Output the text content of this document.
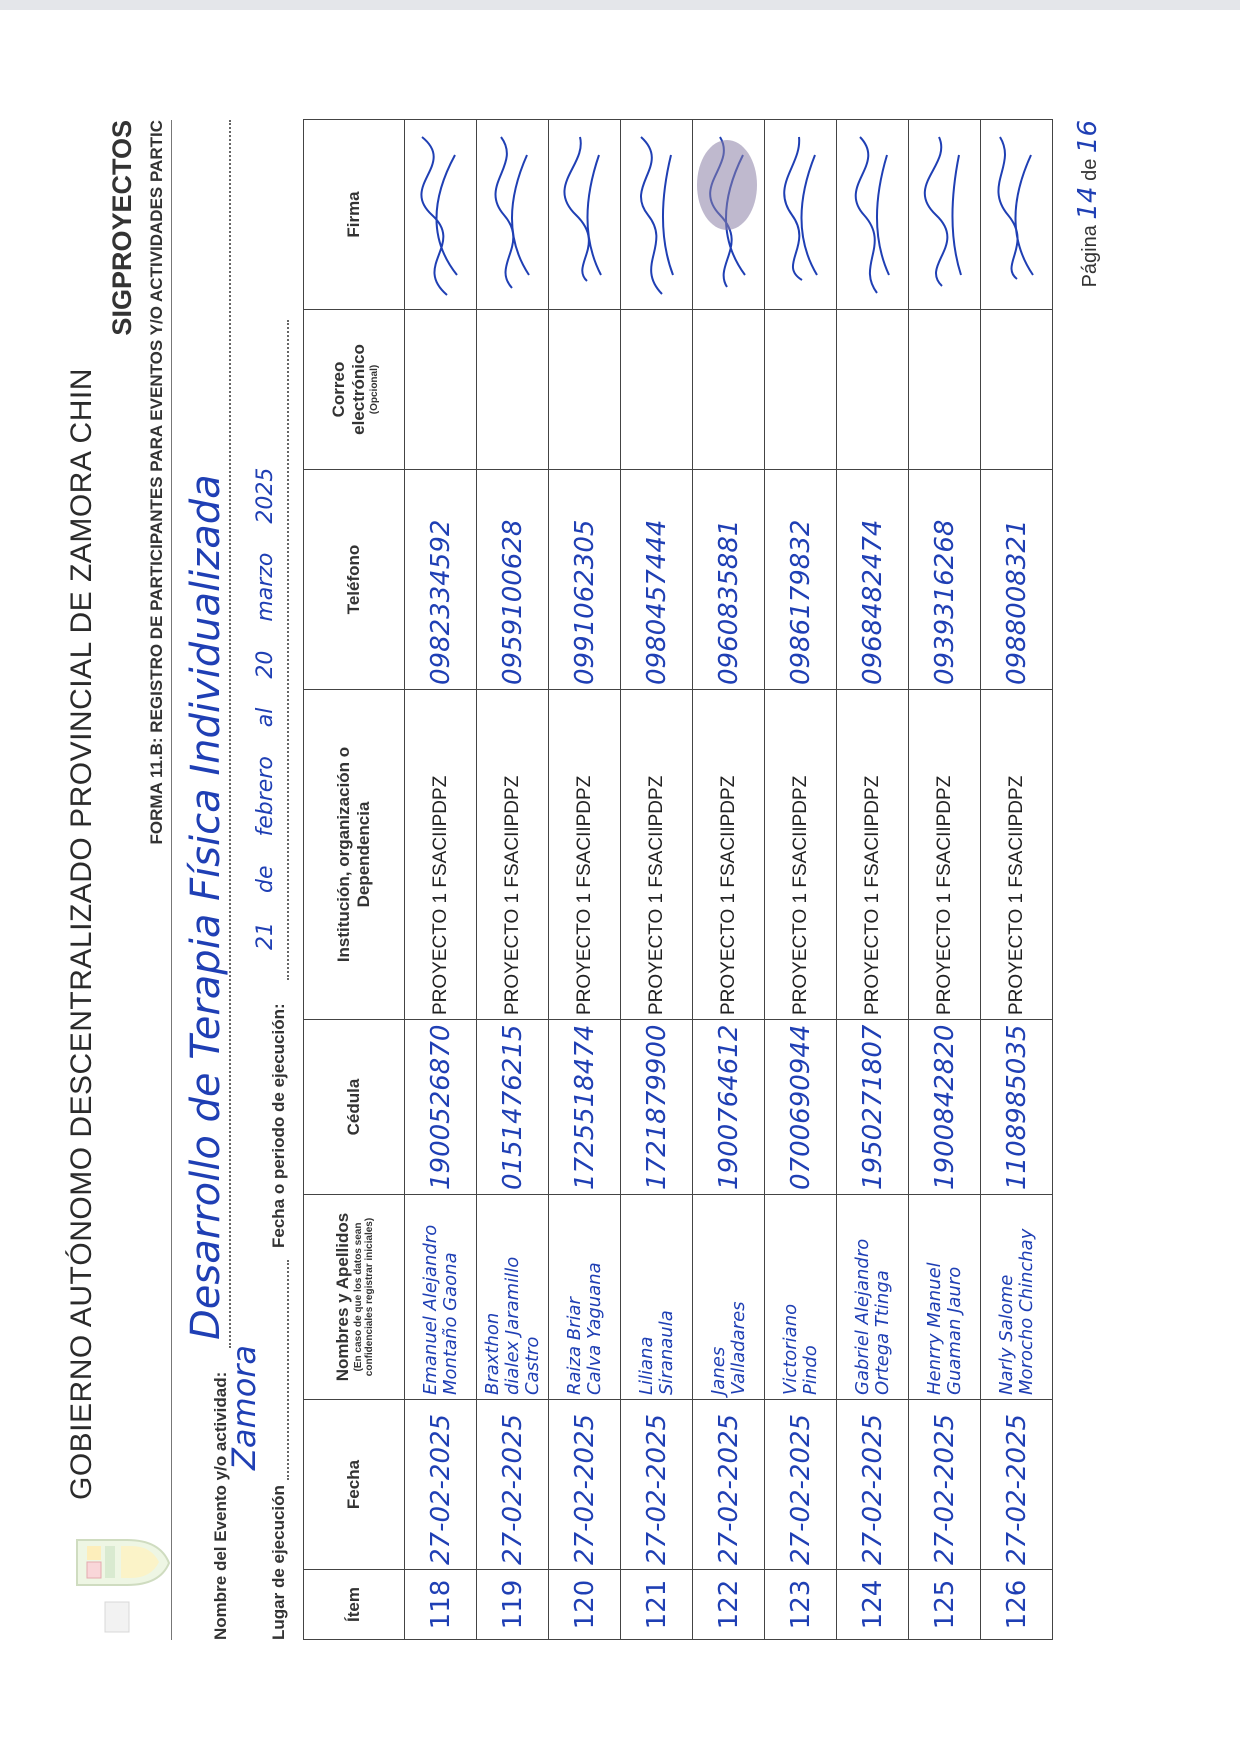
GOBIERNO AUTÓNOMO DESCENTRALIZADO PROVINCIAL DE ZAMORA CHIN
SIGPROYECTOS FORMA 11.B: REGISTRO DE PARTICIPANTES PARA EVENTOS Y/O ACTIVIDADES PARTIC
Nombre del Evento y/o actividad:
Desarrollo de Terapia Física Individualizada
Lugar de ejecución
Zamora
Fecha o periodo de ejecución:
21 de febrero al 20 marzo 2025
Ítem	Fecha	Nombres y Apellidos (En caso de que los datos sean confidenciales registrar iniciales)	Cédula	Institución, organización o Dependencia	Teléfono	Correo electrónico (Opcional)	Firma
118	27-02-2025	Emanuel Alejandro Montaño Gaona	1900526870	PROYECTO 1 FSACIIPDPZ	0982334592		
119	27-02-2025	Braxthon dialex Jaramillo Castro	0151476215	PROYECTO 1 FSACIIPDPZ	0959100628		
120	27-02-2025	Raiza Briar Calva Yaguana	1725518474	PROYECTO 1 FSACIIPDPZ	0991062305		
121	27-02-2025	Liliana Siranaula	1721879900	PROYECTO 1 FSACIIPDPZ	0980457444		
122	27-02-2025	Janes Valladares	1900764612	PROYECTO 1 FSACIIPDPZ	0960835881		
123	27-02-2025	Victoriano Pindo	0700690944	PROYECTO 1 FSACIIPDPZ	0986179832		
124	27-02-2025	Gabriel Alejandro Ortega Ttinga	1950271807	PROYECTO 1 FSACIIPDPZ	0968482474		
125	27-02-2025	Henrry Manuel Guaman Jauro	1900842820	PROYECTO 1 FSACIIPDPZ	0939316268		
126	27-02-2025	Narly Salome Morocho Chinchay	1108985035	PROYECTO 1 FSACIIPDPZ	0988008321		
Página 14 de 16
